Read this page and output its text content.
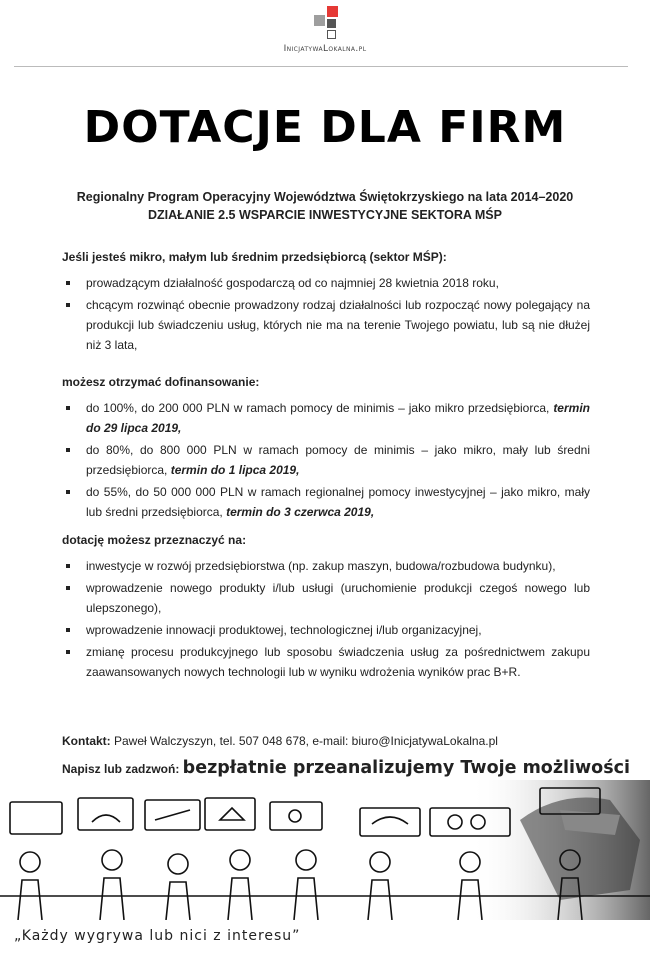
InicjatywaLokalna.pl
DOTACJE DLA FIRM
Regionalny Program Operacyjny Województwa Świętokrzyskiego na lata 2014–2020
DZIAŁANIE 2.5 WSPARCIE INWESTYCYJNE SEKTORA MŚP
Jeśli jesteś mikro, małym lub średnim przedsiębiorcą (sektor MŚP):
prowadzącym działalność gospodarczą od co najmniej 28 kwietnia 2018 roku,
chcącym rozwinąć obecnie prowadzony rodzaj działalności lub rozpocząć nowy polegający na produkcji lub świadczeniu usług, których nie ma na terenie Twojego powiatu, lub są nie dłużej niż 3 lata,
możesz otrzymać dofinansowanie:
do 100%, do 200 000 PLN w ramach pomocy de minimis – jako mikro przedsiębiorca, termin do 29 lipca 2019,
do 80%, do 800 000 PLN w ramach pomocy de minimis – jako mikro, mały lub średni przedsiębiorca, termin do 1 lipca 2019,
do 55%, do 50 000 000 PLN w ramach regionalnej pomocy inwestycyjnej – jako mikro, mały lub średni przedsiębiorca, termin do 3 czerwca 2019,
dotację możesz przeznaczyć na:
inwestycje w rozwój przedsiębiorstwa (np. zakup maszyn, budowa/rozbudowa budynku),
wprowadzenie nowego produkty i/lub usługi (uruchomienie produkcji czegoś nowego lub ulepszonego),
wprowadzenie innowacji produktowej, technologicznej i/lub organizacyjnej,
zmianę procesu produkcyjnego lub sposobu świadczenia usług za pośrednictwem zakupu zaawansowanych nowych technologii lub w wyniku wdrożenia wyników prac B+R.
Kontakt: Paweł Walczyszyn, tel. 507 048 678, e-mail: biuro@InicjatywaLokalna.pl
Napisz lub zadzwoń: bezpłatnie przeanalizujemy Twoje możliwości
„Każdy wygrywa lub nici z interesu”
